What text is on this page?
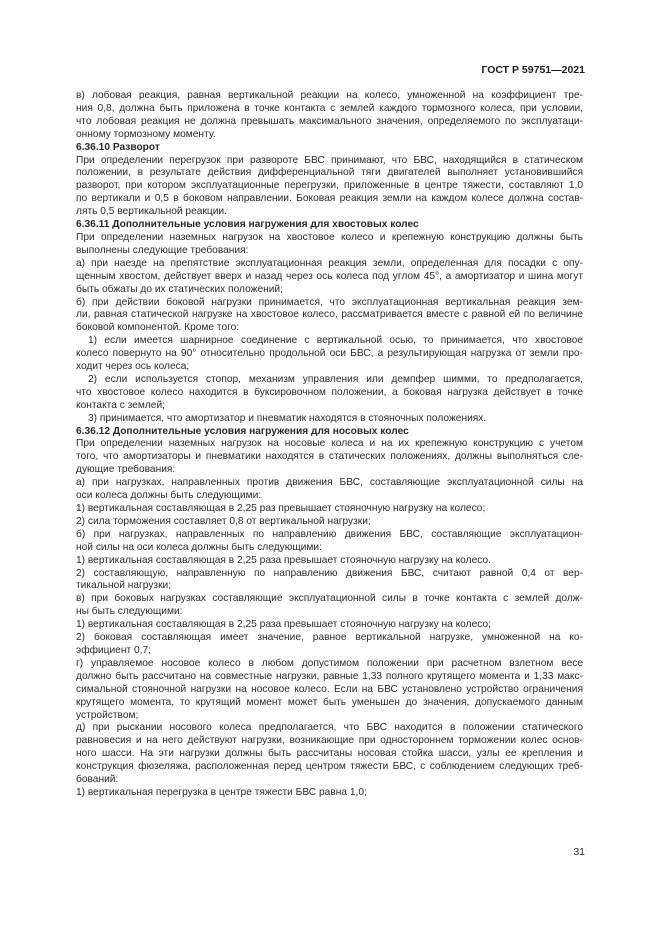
ГОСТ Р 59751—2021
в) лобовая реакция, равная вертикальной реакции на колесо, умноженной на коэффициент тре-
ния 0,8, должна быть приложена в точке контакта с землей каждого тормозного колеса, при условии,
что лобовая реакция не должна превышать максимального значения, определяемого по эксплуатаци-
онному тормозному моменту.
6.36.10 Разворот
При определении перегрузок при развороте БВС принимают, что БВС, находящийся в статическом
положении, в результате действия дифференциальной тяги двигателей выполняет установившийся
разворот, при котором эксплуатационные перегрузки, приложенные в центре тяжести, составляют 1,0
по вертикали и 0,5 в боковом направлении. Боковая реакция земли на каждом колесе должна состав-
лять 0,5 вертикальной реакции.
6.36.11 Дополнительные условия нагружения для хвостовых колес
При определении наземных нагрузок на хвостовое колесо и крепежную конструкцию должны быть
выполнены следующие требования:
а) при наезде на препятствие эксплуатационная реакция земли, определенная для посадки с опу-
щенным хвостом, действует вверх и назад через ось колеса под углом 45°, а амортизатор и шина могут
быть обжаты до их статических положений;
б) при действии боковой нагрузки принимается, что эксплуатационная вертикальная реакция зем-
ли, равная статической нагрузке на хвостовое колесо, рассматривается вместе с равной ей по величине
боковой компонентой. Кроме того:
1) если имеется шарнирное соединение с вертикальной осью, то принимается, что хвостовое
колесо повернуто на 90° относительно продольной оси БВС, а результирующая нагрузка от земли про-
ходит через ось колеса;
2) если используется стопор, механизм управления или демпфер шимми, то предполагается,
что хвостовое колесо находится в буксировочном положении, а боковая нагрузка действует в точке
контакта с землей;
3) принимается, что амортизатор и пневматик находятся в стояночных положениях.
6.36.12 Дополнительные условия нагружения для носовых колес
При определении наземных нагрузок на носовые колеса и на их крепежную конструкцию с учетом
того, что амортизаторы и пневматики находятся в статических положениях, должны выполняться сле-
дующие требования:
а) при нагрузках, направленных против движения БВС, составляющие эксплуатационной силы на
оси колеса должны быть следующими:
1) вертикальная составляющая в 2,25 раз превышает стояночную нагрузку на колесо;
2) сила торможения составляет 0,8 от вертикальной нагрузки;
б) при нагрузках, направленных по направлению движения БВС, составляющие эксплуатацион-
ной силы на оси колеса должны быть следующими:
1) вертикальная составляющая в 2,25 раза превышает стояночную нагрузку на колесо.
2) составляющую, направленную по направлению движения БВС, считают равной 0,4 от вер-
тикальной нагрузки;
в) при боковых нагрузках составляющие эксплуатационной силы в точке контакта с землей долж-
ны быть следующими:
1) вертикальная составляющая в 2,25 раза превышает стояночную нагрузку на колесо;
2) боковая составляющая имеет значение, равное вертикальной нагрузке, умноженной на ко-
эффициент 0,7;
г) управляемое носовое колесо в любом допустимом положении при расчетном взлетном весе
должно быть рассчитано на совместные нагрузки, равные 1,33 полного крутящего момента и 1,33 макс-
симальной стояночной нагрузки на носовое колесо. Если на БВС установлено устройство ограничения
крутящего момента, то крутящий момент может быть уменьшен до значения, допускаемого данным
устройством;
д) при рыскании носового колеса предполагается, что БВС находится в положении статического
равновесия и на него действуют нагрузки, возникающие при одностороннем торможении колес основ-
ного шасси. На эти нагрузки должны быть рассчитаны носовая стойка шасси, узлы ее крепления и
конструкция фюзеляжа, расположенная перед центром тяжести БВС, с соблюдением следующих треб-
бований:
1) вертикальная перегрузка в центре тяжести БВС равна 1,0;
31
